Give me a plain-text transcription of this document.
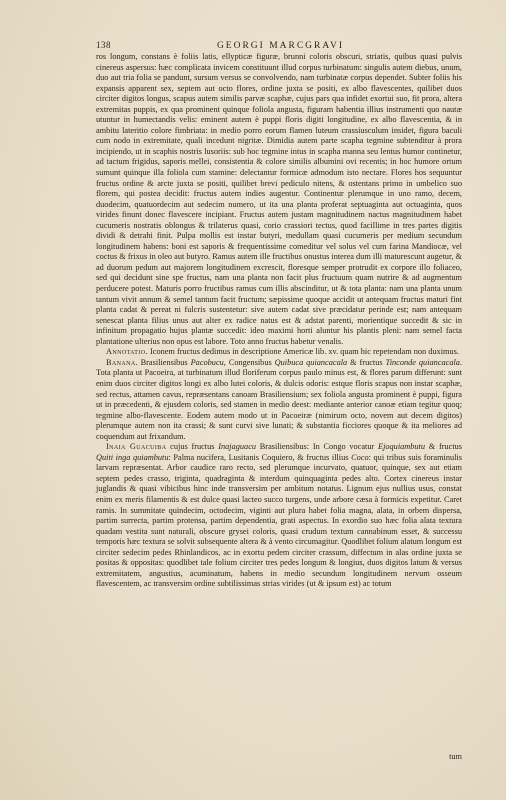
138	GEORGI MARCGRAVI

ros longum, constans è foliis latis, ellypticæ figuræ, brunni coloris obscuri, striatis, quibus quasi pulvis cinereus aspersus: hæc complicata invicem constituunt illud corpus turbinatum: singulis autem diebus, unum, duo aut tria folia se pandunt, sursum versus se convolvendo, nam turbinatæ corpus dependet. Subter foliis his expansis apparent sex, septem aut octo flores, ordine juxta se positi, ex albo flavescentes, quilibet duos circiter digitos longus, scapus autem similis parvæ scaphæ, cujus pars qua infidet exortui suo, fit prora, altera extremitas puppis, ex qua prominent quinque foliola angusta, figuram habentia illius instrumenti quo nautæ utuntur in humectandis velis: eminent autem è puppi floris digiti longitudine, ex albo flavescentia, & in ambitu lateritio colore fimbriata: in medio porro eorum flamen luteum crassiusculum insidet, figura baculi cum nodo in extremitate, quali incedunt nigritæ. Dimidia autem parte scapha tegmine subtenditur à prora incipiendo, ut in scaphis nostris lusoriis: sub hoc tegmine intus in scapha manna seu lentus humor continetur, ad tactum frigidus, saporis mellei, consistentia & colore similis albumini ovi recentis; in hoc humore ortum sumunt quinque illa foliola cum stamine: delectantur formicæ admodum isto nectare. Flores hos sequuntur fructus ordine & arcte juxta se positi, quilibet brevi pediculo nitens, & ostentans primo in umbelico suo florem, qui postea decidit: fructus autem indies augentur. Continentur plerumque in uno ramo, decem, duodecim, quatuordecim aut sedecim numero, ut ita una planta proferat septuaginta aut octuaginta, quos virides finunt donec flavescere incipiant. Fructus autem justam magnitudinem nactus magnitudinem habet cucumeris nostratis oblongus & trilaterus quasi, corio crassiori tectus, quod facillime in tres partes digitis dividi & detrahi finit. Pulpa mollis est instar butyri, medullam quasi cucumeris per medium secundum longitudinem habens: boni est saporis & frequentissime comeditur vel solus vel cum farina Mandiocæ, vel coctus & frixus in oleo aut butyro. Ramus autem ille fructibus onustus interea dum illi maturescunt augetur, & ad duorum pedum aut majorem longitudinem excrescit, floresque semper protrudit ex corpore illo foliaceo, sed qui decidunt sine spe fructus, nam una planta non facit plus fructuum quam nutrire & ad augmentum perducere potest. Maturis porro fructibus ramus cum illis abscinditur, ut & tota planta: nam una planta unum tantum vivit annum & semel tantum facit fructum; sæpissime quoque accidit ut antequam fructus maturi fint planta cadat & pereat ni fulcris sustentetur: sive autem cadat sive præcidatur perinde est; nam antequam senescat planta filius unus aut alter ex radice natus est & adstat parenti, morientique succedit & sic in infinitum propagatio hujus plantæ succedit: ideo maximi horti aluntur his plantis pleni: nam semel facta plantatione ulterius non opus est labore. Toto anno fructus habetur venalis.

Annotatio. Iconem fructus dedimus in descriptione Americæ lib. xv. quam hic repetendam non duximus.

Banana. Brasiliensibus Pacobucu, Congensibus Quibuca quiancacala & fructus Tinconde quiancacala. Tota planta ut Pacoeira, at turbinatum illud floriferum corpus paulo minus est, & flores parum differunt: sunt enim duos circiter digitos longi ex albo lutei coloris, & dulcis odoris: estque floris scapus non instar scaphæ, sed rectus, attamen cavus, repræsentans canoam Brasiliensium; sex foliola angusta prominent è puppi, figura ut in præcedenti, & ejusdem coloris, sed stamen in medio deest: mediante anterior canoæ etiam tegitur quoq; tegmine albo-flavescente. Eodem autem modo ut in Pacoeiræ (nimirum octo, novem aut decem digitos) plerumque autem non ita crassi; & sunt curvi sive lunati; & substantia ficciores quoque & ita meliores ad coquendum aut frixandum.

Inaia Guacuiba cujus fructus Inajaguacu Brasiliensibus: In Congo vocatur Ejoquiambutu & fructus Quiti inga quiambutu: Palma nucifera, Lusitanis Coquiero, & fructus illius Coco: qui tribus suis foraminulis larvam repræsentat. Arbor caudice raro recto, sed plerumque incurvato, quatuor, quinque, sex aut etiam septem pedes crasso, triginta, quadraginta & interdum quinquaginta pedes alto. Cortex cinereus instar juglandis & quasi vibicibus hinc inde transversim per ambitum notatus. Lignum ejus nullius usus, constat enim ex meris filamentis & est dulce quasi lacteo succo turgens, unde arbore cæsa à formicis expetitur. Caret ramis. In summitate quindecim, octodecim, viginti aut plura habet folia magna, alata, in orbem dispersa, partim surrecta, partim protensa, partim dependentia, grati aspectus. In exordio suo hæc folia alata textura quadam vestita sunt naturali, obscure grysei coloris, quasi crudum textum cannabinum esset, & successu temporis hæc textura se solvit subsequente altera & à vento circumagitur. Quodlibet folium alatum longum est circiter sedecim pedes Rhinlandicos, ac in exortu pedem circiter crassum, diffectum in alas ordine juxta se positas & oppositas: quodlibet tale folium circiter tres pedes longum & longius, duos digitos latum & versus extremitatem, angustius, acuminatum, habens in medio secundum longitudinem nervum osseum flavescentem, ac transversim ordine subtilissimas strias virides (ut & ipsum est) ac totum

tum
